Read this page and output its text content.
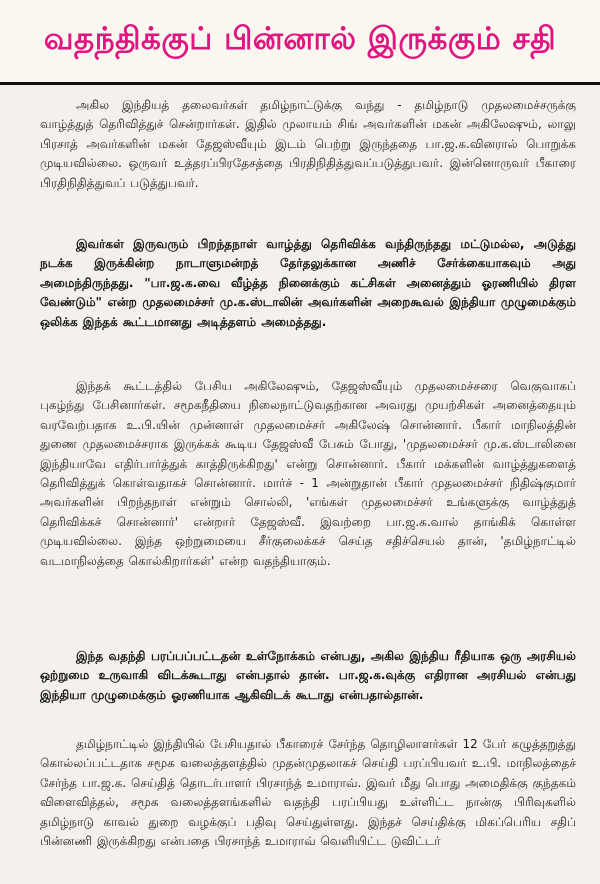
வதந்திக்குப் பின்னால் இருக்கும் சதி

அகில இந்தியத் தலைவர்கள் தமிழ்நாட்டுக்கு வந்து - தமிழ்நாடு முதலமைச்சருக்கு வாழ்த்துத் தெரிவித்துச் சென்றார்கள். இதில் முலாயம் சிங் அவர்களின் மகன் அகிலேஷும், லாலு பிரசாத் அவர்களின் மகன் தேஜஸ்வீயும் இடம் பெற்று இருந்ததை பா.ஜ.க.வினரால் பொறுக்க முடியவில்லை. ஒருவர் உத்தரப்பிரதேசத்தை பிரதிநிதித்துவப்படுத்துபவர். இன்னொருவர் பீகாரை பிரதிநிதித்துவப் படுத்துபவர்.

இவர்கள் இருவரும் பிறந்தநாள் வாழ்த்து தெரிவிக்க வந்திருந்தது மட்டுமல்ல, அடுத்து நடக்க இருக்கின்ற நாடாளுமன்றத் தேர்தலுக்கான அணிச் சேர்க்கையாகவும் அது அமைந்திருந்தது. "பா.ஜ.க.வை வீழ்த்த நினைக்கும் கட்சிகள் அனைத்தும் ஓரணியில் திரள வேண்டும்" என்ற முதலமைச்சர் மு.க.ஸ்டாலின் அவர்களின் அறைகூவல் இந்தியா முழுமைக்கும் ஒலிக்க இந்தக் கூட்டமானது அடித்தளம் அமைத்தது.

இந்தக் கூட்டத்தில் பேசிய அகிலேஷும், தேஜஸ்வீயும் முதலமைச்சரை வெகுவாகப் புகழ்ந்து பேசினார்கள். சமூகநீதியை நிலைநாட்டுவதற்கான அவரது முயற்சிகள் அனைத்தையும் வரவேற்பதாக உ.பி.யின் முன்னாள் முதலமைச்சர் அகிலேஷ் சொன்னார். பீகார் மாநிலத்தின் துணை முதலமைச்சராக இருக்கக் கூடிய தேஜஸ்வீ பேசும் போது, 'முதலமைச்சர் மு.க.ஸ்டாலினை இந்தியாவே எதிர்பார்த்துக் காத்திருக்கிறது' என்று சொன்னார். பீகார் மக்களின் வாழ்த்துகளைத் தெரிவித்துக் கொள்வதாகச் சொன்னார். மார்ச் - 1 அன்றுதான் பீகார் முதலமைச்சர் நிதிஷ்குமார் அவர்களின் பிறந்தநாள் என்றும் சொல்லி, 'எங்கள் முதலமைச்சர் உங்களுக்கு வாழ்த்துத் தெரிவிக்கச் சொன்னார்' என்றார் தேஜஸ்வீ. இவற்றை பா.ஜ.க.வால் தாங்கிக் கொள்ள முடியவில்லை. இந்த ஒற்றுமையை சீர்குலைக்கச் செய்த சதிச்செயல் தான், 'தமிழ்நாட்டில் வடமாநிலத்தை கொல்கிறார்கள்' என்ற வதந்தியாகும்.

இந்த வதந்தி பரப்பப்பட்டதன் உள்நோக்கம் என்பது, அகில இந்திய ரீதியாக ஒரு அரசியல் ஒற்றுமை உருவாகி விடக்கூடாது என்பதால் தான். பா.ஜ.க.வுக்கு எதிரான அரசியல் என்பது இந்தியா முழுமைக்கும் ஓரணியாக ஆகிவிடக் கூடாது என்பதால்தான்.

தமிழ்நாட்டில் இந்தியில் பேசியதால் பீகாரைச் சேர்ந்த தொழிலாளர்கள் 12 பேர் கழுத்தறுத்து கொல்லப்பட்டதாக சமூக வலைத்தளத்தில் முதன்முதலாகச் செய்தி பரப்பியவர் உ.பி. மாநிலத்தைச் சேர்ந்த பா.ஜ.க. செய்தித் தொடர்பாளர் பிரசாந்த் உமாராவ். இவர் மீது பொது அமைதிக்கு குந்தகம் விளைவித்தல், சமூக வலைத்தளங்களில் வதந்தி பரப்பியது உள்ளிட்ட நான்கு பிரிவுகளில் தமிழ்நாடு காவல் துறை வழக்குப் பதிவு செய்துள்ளது. இந்தச் செய்திக்கு மிகப்பெரிய சதிப் பின்னணி இருக்கிறது என்பதை பிரசாந்த் உமாராவ் வெளியிட்ட டுவிட்டர்
